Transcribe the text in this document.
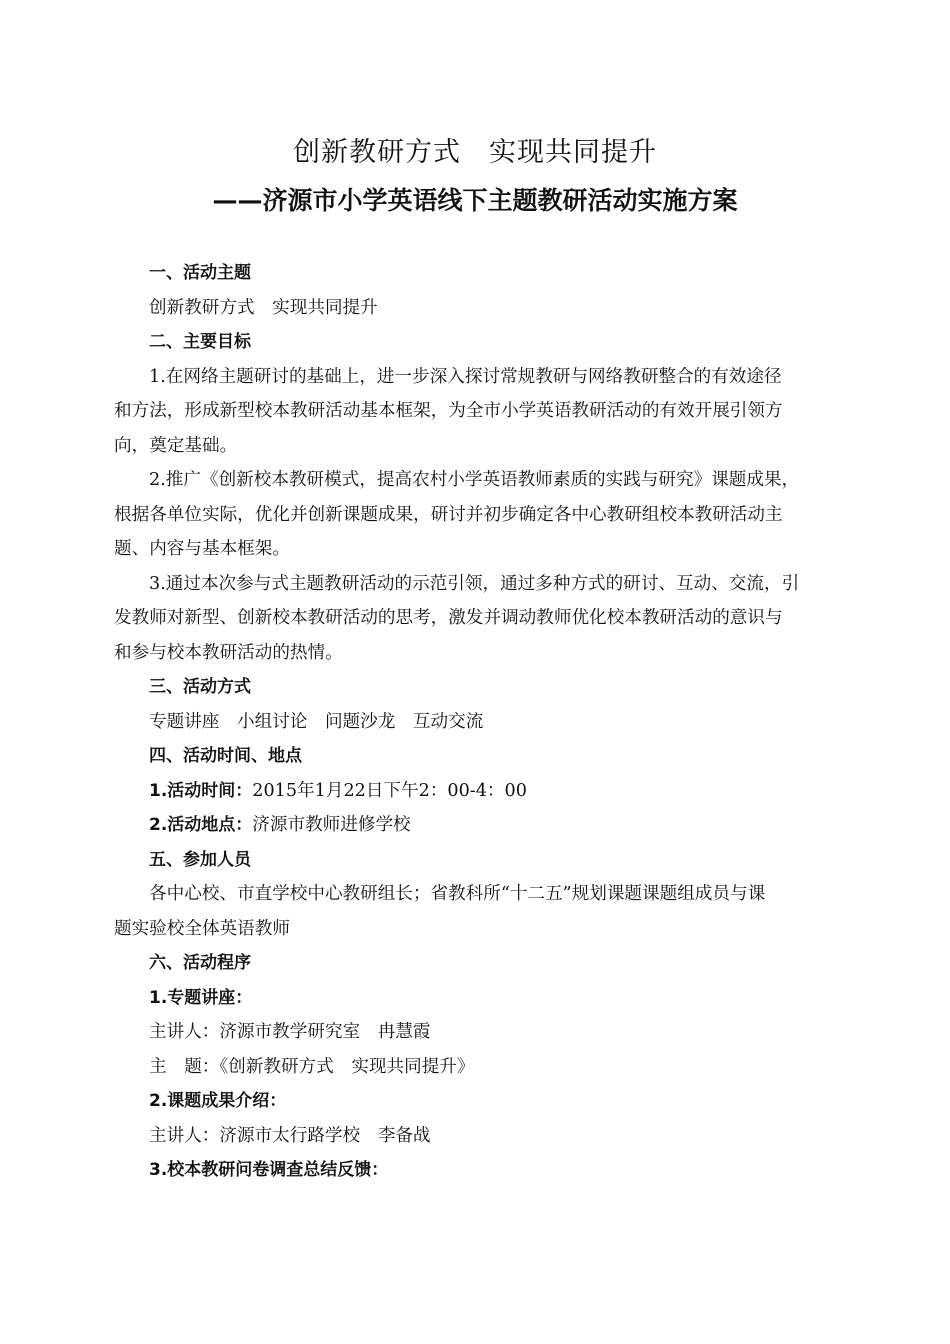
创新教研方式　实现共同提升
——济源市小学英语线下主题教研活动实施方案
一、活动主题
创新教研方式　实现共同提升
二、主要目标
1.在网络主题研讨的基础上，进一步深入探讨常规教研与网络教研整合的有效途径
和方法，形成新型校本教研活动基本框架，为全市小学英语教研活动的有效开展引领方
向，奠定基础。
2.推广《创新校本教研模式，提高农村小学英语教师素质的实践与研究》课题成果，
根据各单位实际，优化并创新课题成果，研讨并初步确定各中心教研组校本教研活动主
题、内容与基本框架。
3.通过本次参与式主题教研活动的示范引领，通过多种方式的研讨、互动、交流，引
发教师对新型、创新校本教研活动的思考，激发并调动教师优化校本教研活动的意识与
和参与校本教研活动的热情。
三、活动方式
专题讲座　小组讨论　问题沙龙　互动交流
四、活动时间、地点
1.活动时间：2015年1月22日下午2：00-4：00
2.活动地点：济源市教师进修学校
五、参加人员
各中心校、市直学校中心教研组长；省教科所“十二五”规划课题课题组成员与课
题实验校全体英语教师
六、活动程序
1.专题讲座：
主讲人：济源市教学研究室　冉慧霞
主　题：《创新教研方式　实现共同提升》
2.课题成果介绍：
主讲人：济源市太行路学校　李备战
3.校本教研问卷调查总结反馈：
